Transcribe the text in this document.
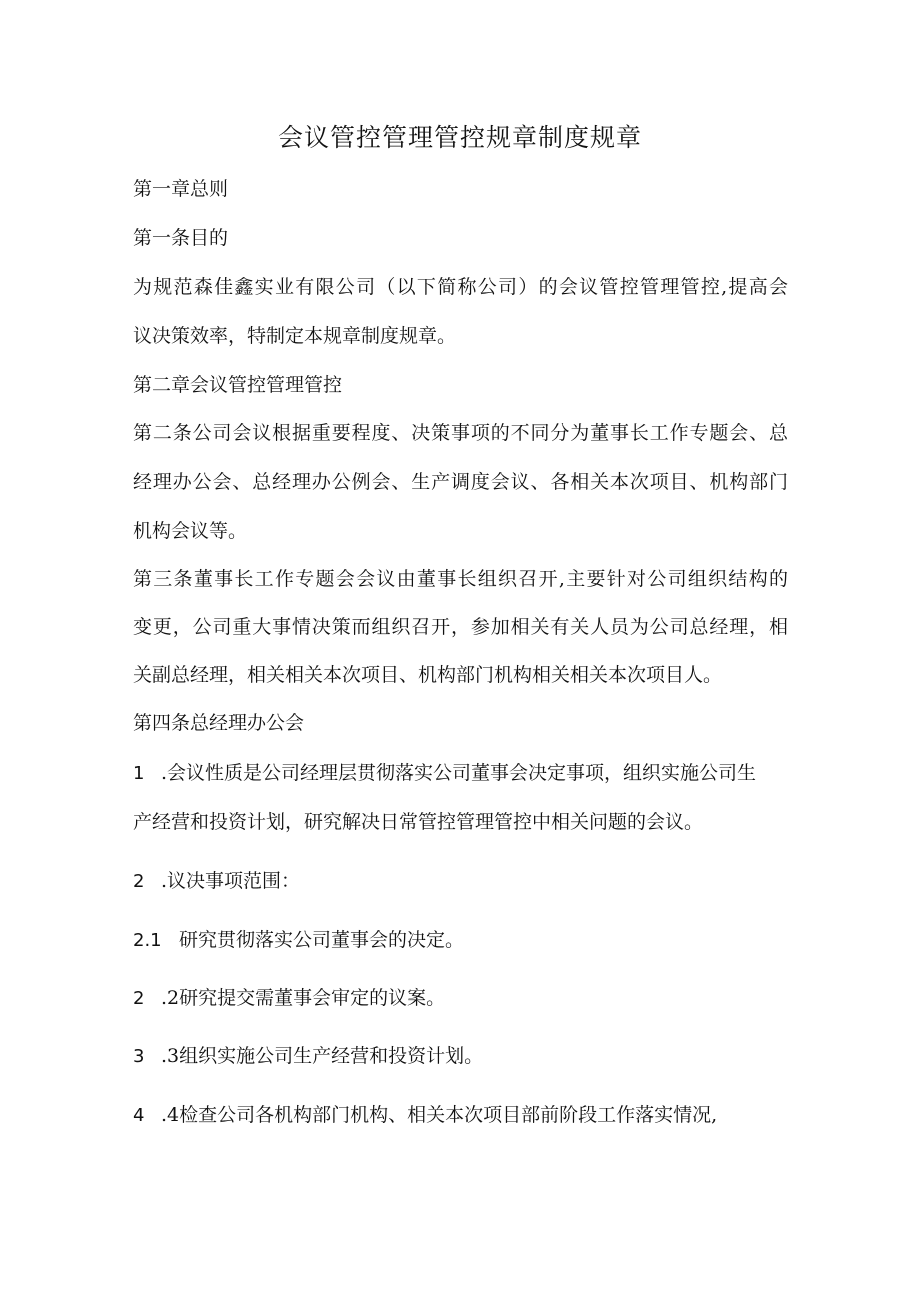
会议管控管理管控规章制度规章

第一章总则

第一条目的

为规范森佳鑫实业有限公司（以下简称公司）的会议管控管理管控,提高会

议决策效率，特制定本规章制度规章。

第二章会议管控管理管控

第二条公司会议根据重要程度、决策事项的不同分为董事长工作专题会、总

经理办公会、总经理办公例会、生产调度会议、各相关本次项目、机构部门

机构会议等。

第三条董事长工作专题会会议由董事长组织召开,主要针对公司组织结构的

变更，公司重大事情决策而组织召开，参加相关有关人员为公司总经理，相

关副总经理，相关相关本次项目、机构部门机构相关相关本次项目人。

第四条总经理办公会

1 .会议性质是公司经理层贯彻落实公司董事会决定事项，组织实施公司生

产经营和投资计划，研究解决日常管控管理管控中相关问题的会议。

2 .议决事项范围：

2.1 研究贯彻落实公司董事会的决定。

2 .2研究提交需董事会审定的议案。

3 .3组织实施公司生产经营和投资计划。

4 .4检查公司各机构部门机构、相关本次项目部前阶段工作落实情况,
